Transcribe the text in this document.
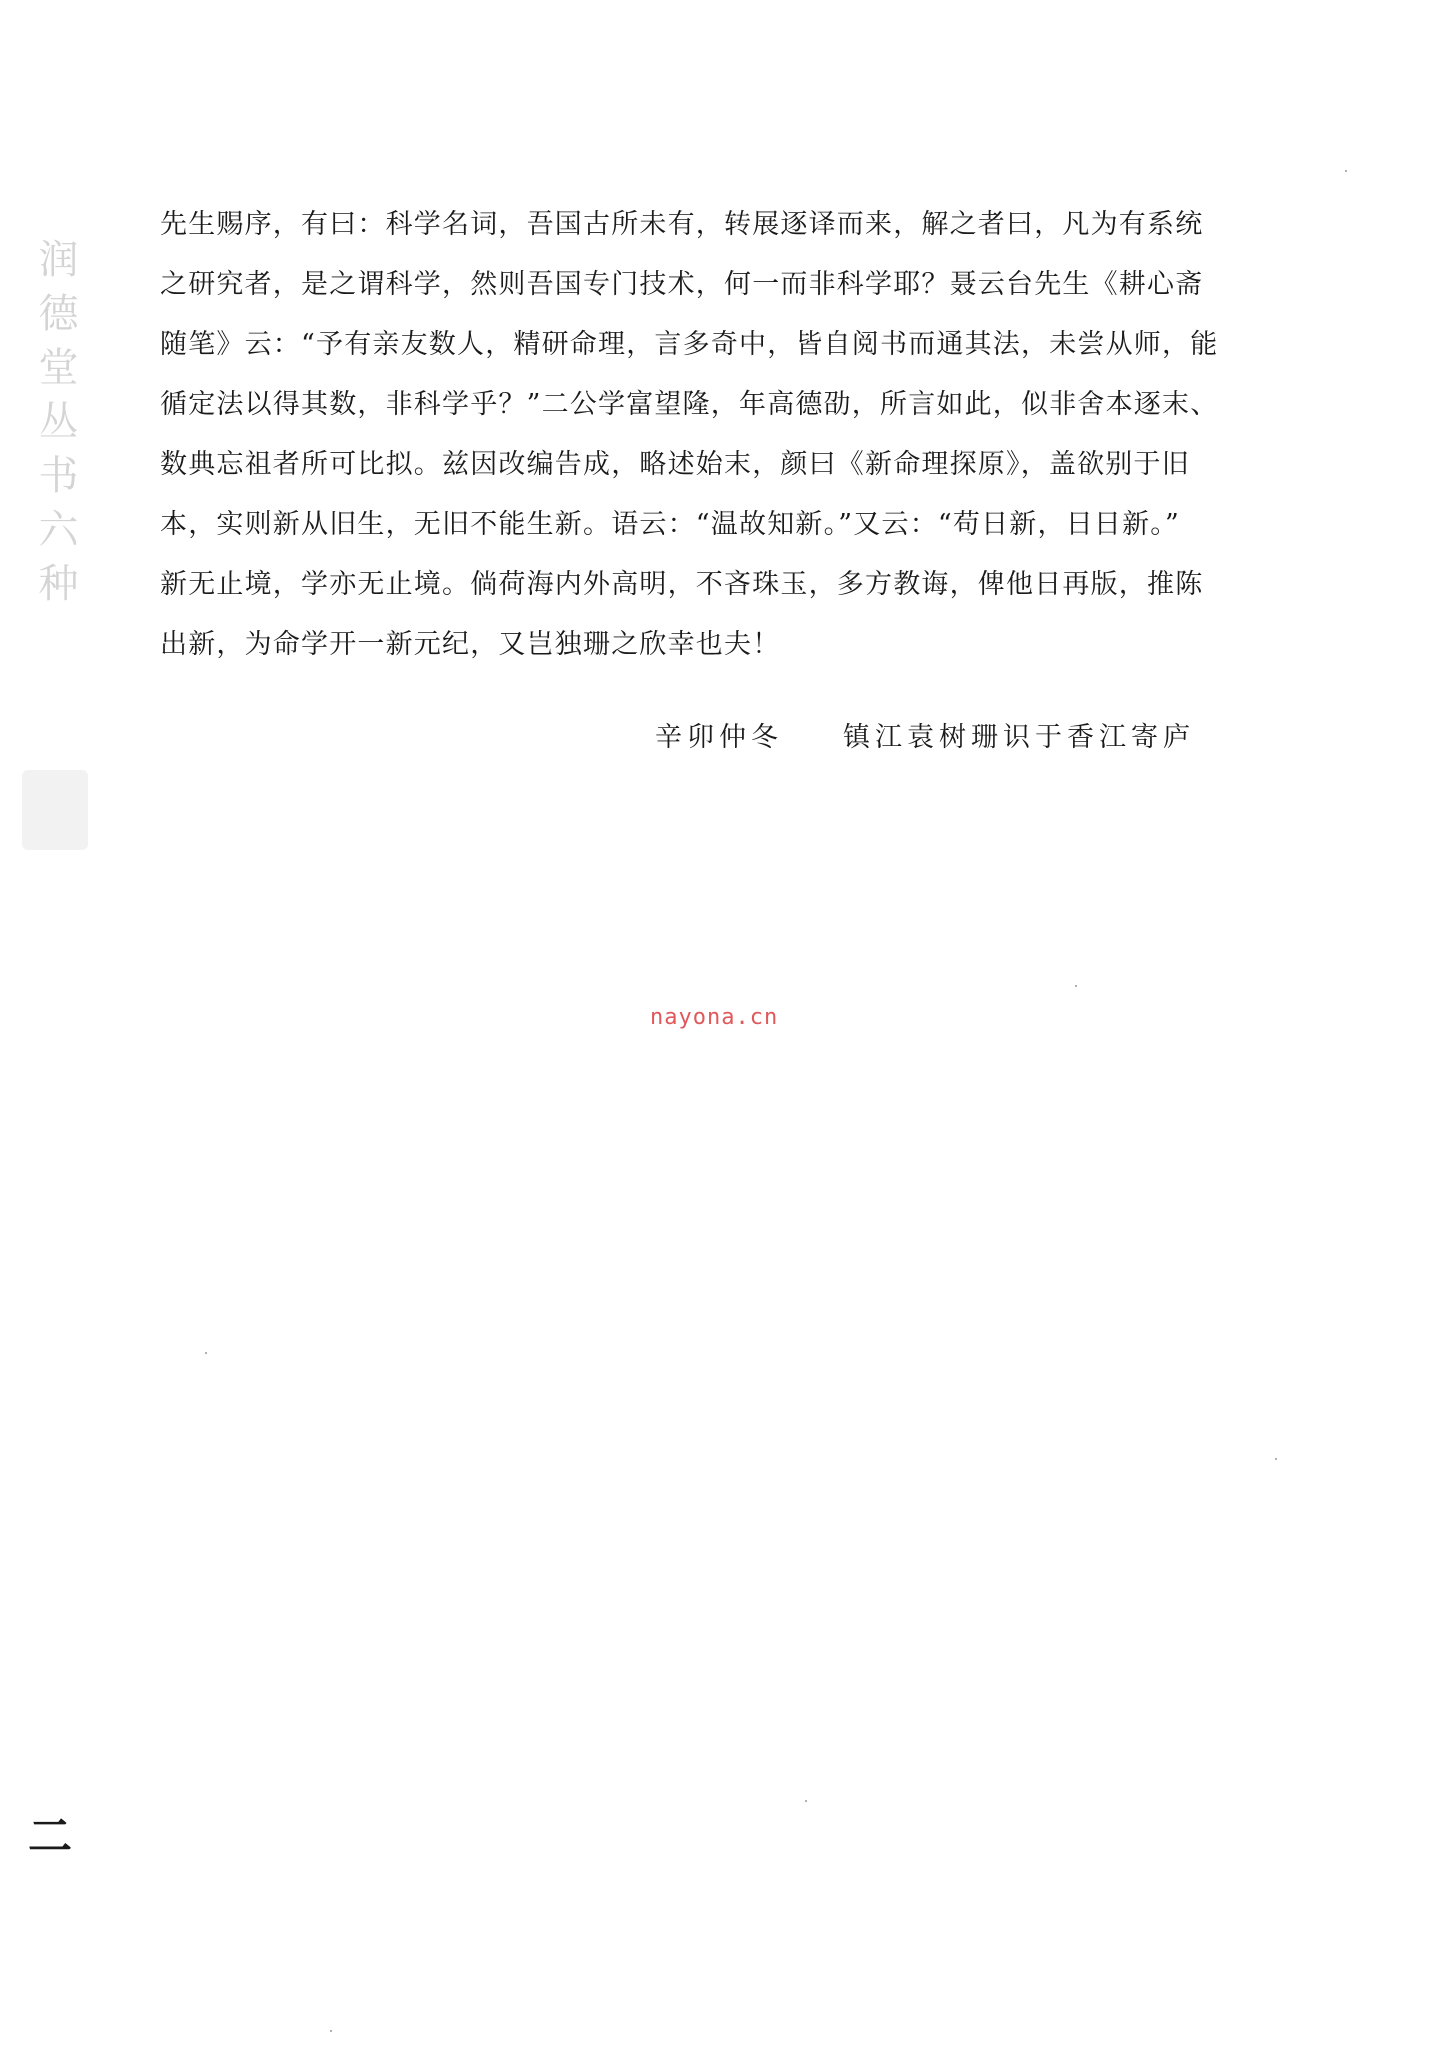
润德堂丛书六种

先生赐序，有曰：科学名词，吾国古所未有，转展逐译而来，解之者曰，凡为有系统

之研究者，是之谓科学，然则吾国专门技术，何一而非科学耶？聂云台先生《耕心斋

随笔》云：“予有亲友数人，精研命理，言多奇中，皆自阅书而通其法，未尝从师，能

循定法以得其数，非科学乎？”二公学富望隆，年高德劭，所言如此，似非舍本逐末、

数典忘祖者所可比拟。兹因改编告成，略述始末，颜曰《新命理探原》，盖欲别于旧

本，实则新从旧生，无旧不能生新。语云：“温故知新。”又云：“苟日新，日日新。”

新无止境，学亦无止境。倘荷海内外高明，不吝珠玉，多方教诲，俾他日再版，推陈

出新，为命学开一新元纪，又岂独珊之欣幸也夫！

辛卯仲冬 镇江袁树珊识于香江寄庐
nayona.cn
二
